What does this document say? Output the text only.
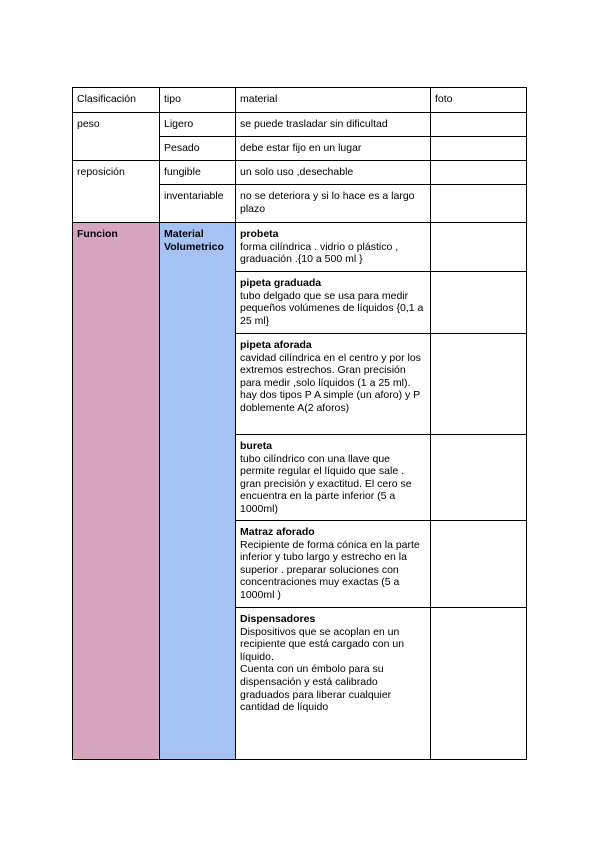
Clasificación	tipo	material	foto
peso	Ligero	se puede trasladar sin dificultad	
	Pesado	debe estar fijo en un lugar	
reposición	fungible	un solo uso ,desechable	
	inventariable	no se deteriora y si lo hace es a largo plazo	
Funcion	Material Volumetrico	probeta
forma cilíndrica . vidrio o plástico , graduación .{10 a 500 ml }	

		pipeta graduada
tubo delgado que se usa para medir pequeños volúmenes de líquidos {0,1 a 25 ml}	

		pipeta aforada
cavidad cilíndrica en el centro y por los extremos estrechos. Gran precisión para medir ,solo líquidos (1 a 25 ml). hay dos tipos P A simple (un aforo) y P doblemente A(2 aforos)	

		bureta
tubo cilíndrico con una llave que permite regular el líquido que sale . gran precisión y exactitud. El cero se encuentra en la parte inferior (5 a 1000ml)	

		Matraz aforado
Recipiente de forma cónica en la parte inferior y tubo largo y estrecho en la superior . preparar soluciones con concentraciones muy exactas (5 a 1000ml )	

		Dispensadores
Dispositivos que se acoplan en un recipiente que está cargado con un líquido.
Cuenta con un émbolo para su dispensación y está calibrado graduados para liberar cualquier cantidad de líquido	
